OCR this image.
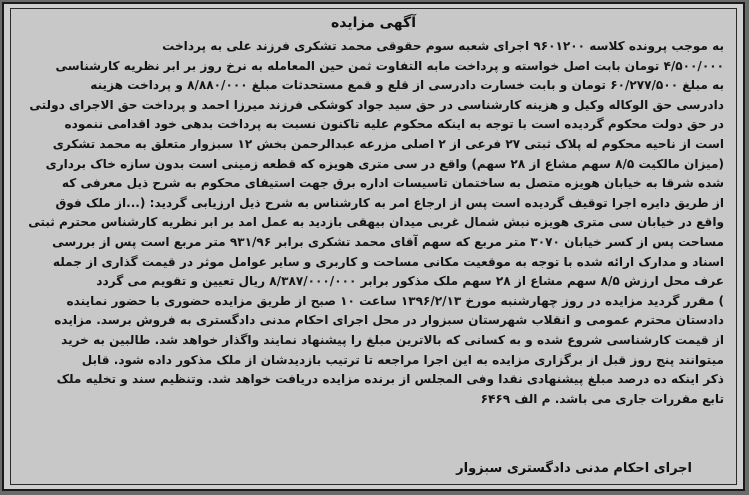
آگهی مزایده
به موجب پرونده کلاسه ۹۶۰۱۲۰۰ اجرای شعبه سوم حقوقی محمد تشکری فرزند علی به پرداخت
۴/۵۰۰/۰۰۰ تومان بابت اصل خواسته و پرداخت مابه التفاوت ثمن حین المعامله به نرخ روز بر ابر نظریه کارشناسی
به مبلغ ۶۰/۲۷۷/۵۰۰ تومان و بابت خسارت دادرسی از قلع و قمع مستحدثات مبلغ ۸/۸۸۰/۰۰۰ و پرداخت هزینه
دادرسی حق الوکاله وکیل و هزینه کارشناسی در حق سید جواد کوشکی فرزند میرزا احمد و پرداخت حق الاجرای دولتی
در حق دولت محکوم گردیده است با توجه به اینکه محکوم علیه تاکنون نسبت به پرداخت بدهی خود اقدامی ننموده
است از ناحیه محکوم له پلاک ثبتی ۲۷ فرعی از ۲ اصلی مزرعه عبدالرحمن بخش ۱۲ سبزوار متعلق به محمد تشکری
(میزان مالکیت ۸/۵ سهم مشاع از ۲۸ سهم) واقع در سی متری هویزه که قطعه زمینی است بدون سازه خاک برداری
شده شرقا به خیابان هویزه متصل به ساختمان تاسیسات اداره برق جهت استیفای محکوم به شرح ذیل معرفی که
از طریق دایره اجرا توقیف گردیده است پس از ارجاع امر به کارشناس به شرح ذیل ارزیابی گردید: (...از ملک فوق
واقع در خیابان سی متری هویزه نبش شمال غربی میدان بیهقی بازدید به عمل امد بر ابر نظریه کارشناس محترم ثبتی
مساحت پس از کسر خیابان ۳۰۷۰ متر مربع که سهم آقای محمد تشکری برابر ۹۳۱/۹۶ متر مربع است پس از بررسی
اسناد و مدارک ارائه شده با توجه به موقعیت مکانی مساحت و کاربری و سایر عوامل موثر در قیمت گذاری از جمله
عرف محل ارزش ۸/۵ سهم مشاع از ۲۸ سهم ملک مذکور برابر ۸/۳۸۷/۰۰۰/۰۰۰ ریال تعیین و تقویم می گردد
) مقرر گردید مزایده در روز چهارشنبه مورخ ۱۳۹۶/۲/۱۳ ساعت ۱۰ صبح از طریق مزایده حضوری با حضور نماینده
دادستان محترم عمومی و انقلاب شهرستان سبزوار در محل اجرای احکام مدنی دادگستری به فروش برسد. مزایده
از قیمت کارشناسی شروع شده و به کسانی که بالاترین مبلغ را پیشنهاد نمایند واگذار خواهد شد. طالبین به خرید
میتوانند پنج روز قبل از برگزاری مزایده به این اجرا مراجعه تا ترتیب بازدیدشان از ملک مذکور داده شود. قابل
ذکر اینکه ده درصد مبلغ پیشنهادی نقدا وفی المجلس از برنده مزایده دریافت خواهد شد. وتنظیم سند و تخلیه ملک
تابع مقررات جاری می باشد. م الف ۶۴۶۹
اجرای احکام مدنی دادگستری سبزوار
